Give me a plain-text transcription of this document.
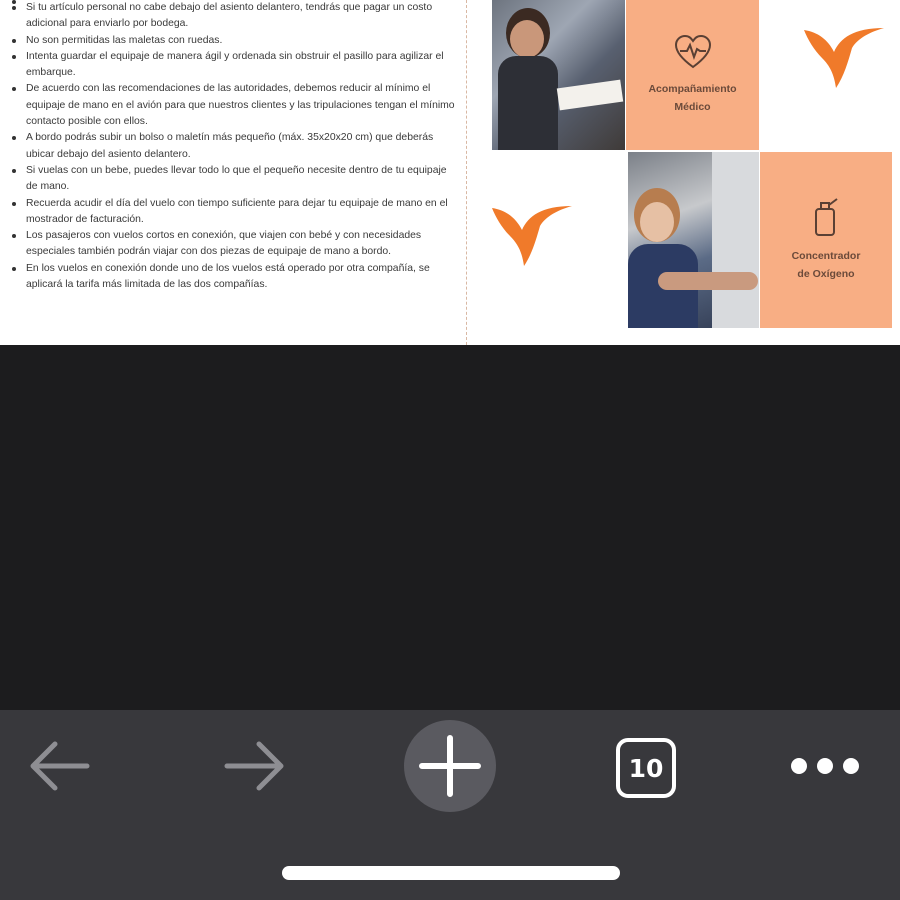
Si tu artículo personal no cabe debajo del asiento delantero, tendrás que pagar un costo adicional para enviarlo por bodega.
No son permitidas las maletas con ruedas.
Intenta guardar el equipaje de manera ágil y ordenada sin obstruir el pasillo para agilizar el embarque.
De acuerdo con las recomendaciones de las autoridades, debemos reducir al mínimo el equipaje de mano en el avión para que nuestros clientes y las tripulaciones tengan el mínimo contacto posible con ellos.
A bordo podrás subir un bolso o maletín más pequeño (máx. 35x20x20 cm) que deberás ubicar debajo del asiento delantero.
Si vuelas con un bebe, puedes llevar todo lo que el pequeño necesite dentro de tu equipaje de mano.
Recuerda acudir el día del vuelo con tiempo suficiente para dejar tu equipaje de mano en el mostrador de facturación.
Los pasajeros con vuelos cortos en conexión, que viajen con bebé y con necesidades especiales también podrán viajar con dos piezas de equipaje de mano a bordo.
En los vuelos en conexión donde uno de los vuelos está operado por otra compañía, se aplicará la tarifa más limitada de las dos compañías.
Acompañamiento
Médico
Concentrador
de Oxígeno
10
